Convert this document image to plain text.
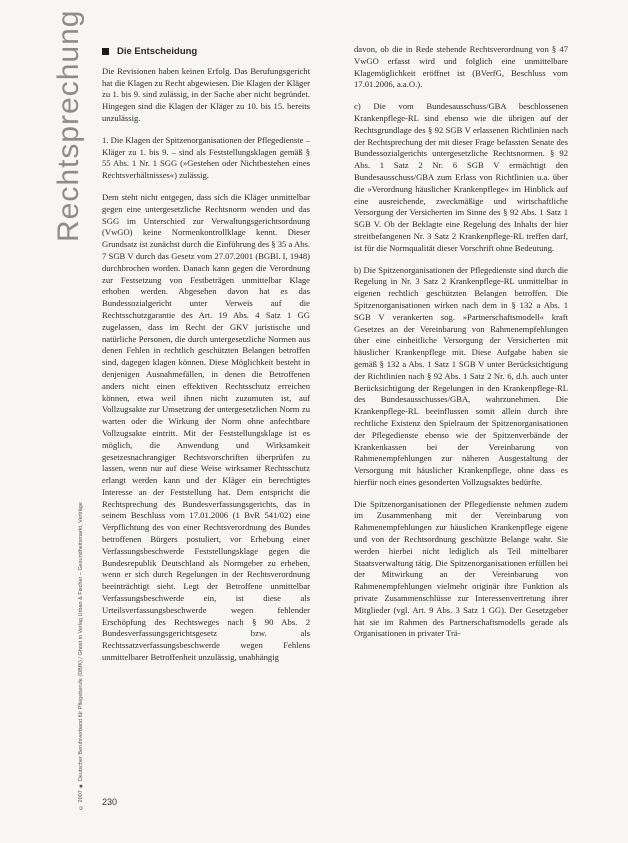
Rechtsprechung
© 2007 ■ Deutscher Berufsverband für Pflegeberufe (DBfK) / Ghost in Verlag Urban & Fischer – Gesundheitsmarkt, Verträge
Die Entscheidung

Die Revisionen haben keinen Erfolg. Das Berufungsgericht hat die Klagen zu Recht abgewiesen. Die Klagen der Kläger zu 1. bis 9. sind zulässig, in der Sache aber nicht begründet. Hingegen sind die Klagen der Kläger zu 10. bis 15. bereits unzulässig.

1. Die Klagen der Spitzenorganisationen der Pflegedienste – Kläger zu 1. bis 9. – sind als Feststellungsklagen gemäß § 55 Abs. 1 Nr. 1 SGG (»Gestehen oder Nichtbestehen eines Rechtsverhältnisses«) zulässig.

Dem steht nicht entgegen, dass sich die Kläger unmittelbar gegen eine untergesetzliche Rechtsnorm wenden und das SGG im Unterschied zur Verwaltungsgerichtsordnung (VwGO) keine Normenkontrollklage kennt. Dieser Grundsatz ist zunächst durch die Einführung des § 35 a Abs. 7 SGB V durch das Gesetz vom 27.07.2001 (BGBl. I, 1948) durchbrochen worden. Danach kann gegen die Verordnung zur Festsetzung von Festbeträgen unmittelbar Klage erhoben werden. Abgesehen davon hat es das Bundessozialgericht unter Verweis auf die Rechtsschutzgarantie des Art. 19 Abs. 4 Satz 1 GG zugelassen, dass im Recht der GKV juristische und natürliche Personen, die durch untergesetzliche Normen aus denen Fehlen in rechtlich geschützten Belangen betroffen sind, dagegen klagen können. Diese Möglichkeit besteht in denjenigen Ausnahmefällen, in denen die Betroffenen anders nicht einen effektiven Rechtsschutz erreichen können, etwa weil ihnen nicht zuzumuten ist, auf Vollzugsakte zur Umsetzung der untergesetzlichen Norm zu warten oder die Wirkung der Norm ohne anfechtbare Vollzugsakte eintritt. Mit der Feststellungsklage ist es möglich, die Anwendung und Wirksamkeit gesetzesnachrangiger Rechtsvorschriften überprüfen zu lassen, wenn nur auf diese Weise wirksamer Rechtsschutz erlangt werden kann und der Kläger ein berechtigtes Interesse an der Feststellung hat. Dem entspricht die Rechtsprechung des Bundesverfassungsgerichts, das in seinem Beschluss vom 17.01.2006 (1 BvR 541/02) eine Verpflichtung des von einer Rechtsverordnung des Bundes betroffenen Bürgers postuliert, vor Erhebung einer Verfassungsbeschwerde Feststellungsklage gegen die Bundesrepublik Deutschland als Normgeber zu erheben, wenn er sich durch Regelungen in der Rechtsverordnung beeinträchtigt sieht. Legt der Betroffene unmittelbar Verfassungsbeschwerde ein, ist diese als Urteilsverfassungsbeschwerde wegen fehlender Erschöpfung des Rechtsweges nach § 90 Abs. 2 Bundesverfassungsgerichtsgesetz bzw. als Rechtssatzverfassungsbeschwerde wegen Fehlens unmittelbarer Betroffenheit unzulässig, unabhängig

davon, ob die in Rede stehende Rechtsverordnung von § 47 VwGO erfasst wird und folglich eine unmittelbare Klagemöglichkeit eröffnet ist (BVerfG, Beschluss vom 17.01.2006, a.a.O.).

c) Die vom Bundesausschuss/GBA beschlossenen Krankenpflege-RL sind ebenso wie die übrigen auf der Rechtsgrundlage des § 92 SGB V erlassenen Richtlinien nach der Rechtsprechung der mit dieser Frage befassten Senate des Bundessozialgerichts untergesetzliche Rechtsnormen. § 92 Abs. 1 Satz 2 Nr. 6 SGB V ermächtigt den Bundesausschuss/GBA zum Erlass von Richtlinien u.a. über die »Verordnung häuslicher Krankenpflege« im Hinblick auf eine ausreichende, zweckmäßige und wirtschaftliche Versorgung der Versicherten im Sinne des § 92 Abs. 1 Satz 1 SGB V. Ob der Beklagte eine Regelung des Inhalts der hier streitbefangenen Nr. 3 Satz 2 Krankenpflege-RL treffen darf, ist für die Normqualität dieser Vorschrift ohne Bedeutung.

b) Die Spitzenorganisationen der Pflegedienste sind durch die Regelung in Nr. 3 Satz 2 Krankenpflege-RL unmittelbar in eigenen rechtlich geschützten Belangen betroffen. Die Spitzenorganisationen wirken nach dem in § 132 a Abs. 1 SGB V verankerten sog. »Partnerschaftsmodell« kraft Gesetzes an der Vereinbarung von Rahmenempfehlungen über eine einheitliche Versorgung der Versicherten mit häuslicher Krankenpflege mit. Diese Aufgabe haben sie gemäß § 132 a Abs. 1 Satz 1 SGB V unter Berücksichtigung der Richtlinien nach § 92 Abs. 1 Satz 2 Nr. 6, d.h. auch unter Berücksichtigung der Regelungen in den Krankenpflege-RL des Bundesausschusses/GBA, wahrzunehmen. Die Krankenpflege-RL beeinflussen somit allein durch ihre rechtliche Existenz den Spielraum der Spitzenorganisationen der Pflegedienste ebenso wie der Spitzenverbände der Krankenkassen bei der Vereinbarung von Rahmenempfehlungen zur näheren Ausgestaltung der Versorgung mit häuslicher Krankenpflege, ohne dass es hierfür noch eines gesonderten Vollzugsaktes bedürfte.

Die Spitzenorganisationen der Pflegedienste nehmen zudem im Zusammenhang mit der Vereinbarung von Rahmenempfehlungen zur häuslichen Krankenpflege eigene und von der Rechtsordnung geschützte Belange wahr. Sie werden hierbei nicht lediglich als Teil mittelbarer Staatsverwaltung tätig. Die Spitzenorganisationen erfüllen bei der Mitwirkung an der Vereinbarung von Rahmenempfehlungen vielmehr originär ihre Funktion als private Zusammenschlüsse zur Interessenvertretung ihrer Mitglieder (vgl. Art. 9 Abs. 3 Satz 1 GG). Der Gesetzgeber hat sie im Rahmen des Partnerschaftsmodells gerade als Organisationen in privater Trä-

230
